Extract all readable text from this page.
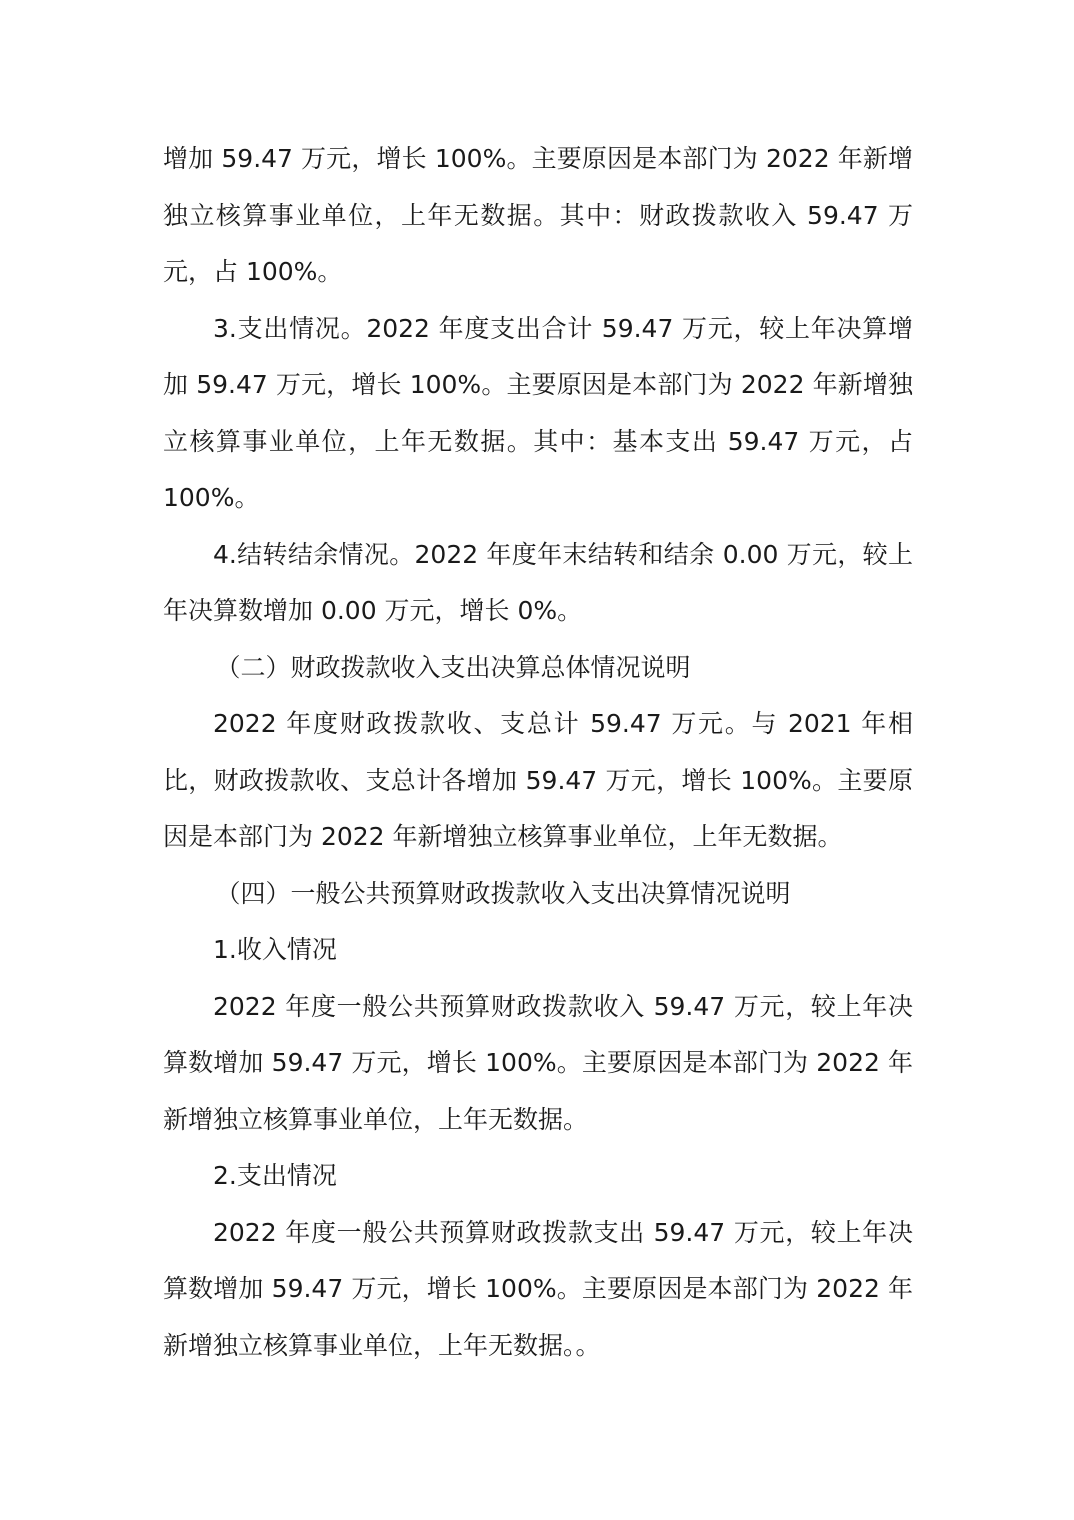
增加 59.47 万元，增长 100%。主要原因是本部门为 2022 年新增独立核算事业单位，上年无数据。其中：财政拨款收入 59.47 万元，占 100%。

3.支出情况。2022 年度支出合计 59.47 万元，较上年决算增加 59.47 万元，增长 100%。主要原因是本部门为 2022 年新增独立核算事业单位，上年无数据。其中：基本支出 59.47 万元，占 100%。

4.结转结余情况。2022 年度年末结转和结余 0.00 万元，较上年决算数增加 0.00 万元，增长 0%。

（二）财政拨款收入支出决算总体情况说明

2022 年度财政拨款收、支总计 59.47 万元。与 2021 年相比，财政拨款收、支总计各增加 59.47 万元，增长 100%。主要原因是本部门为 2022 年新增独立核算事业单位，上年无数据。

（四）一般公共预算财政拨款收入支出决算情况说明

1.收入情况

2022 年度一般公共预算财政拨款收入 59.47 万元，较上年决算数增加 59.47 万元，增长 100%。主要原因是本部门为 2022 年新增独立核算事业单位，上年无数据。

2.支出情况

2022 年度一般公共预算财政拨款支出 59.47 万元，较上年决算数增加 59.47 万元，增长 100%。主要原因是本部门为 2022 年新增独立核算事业单位，上年无数据。。
